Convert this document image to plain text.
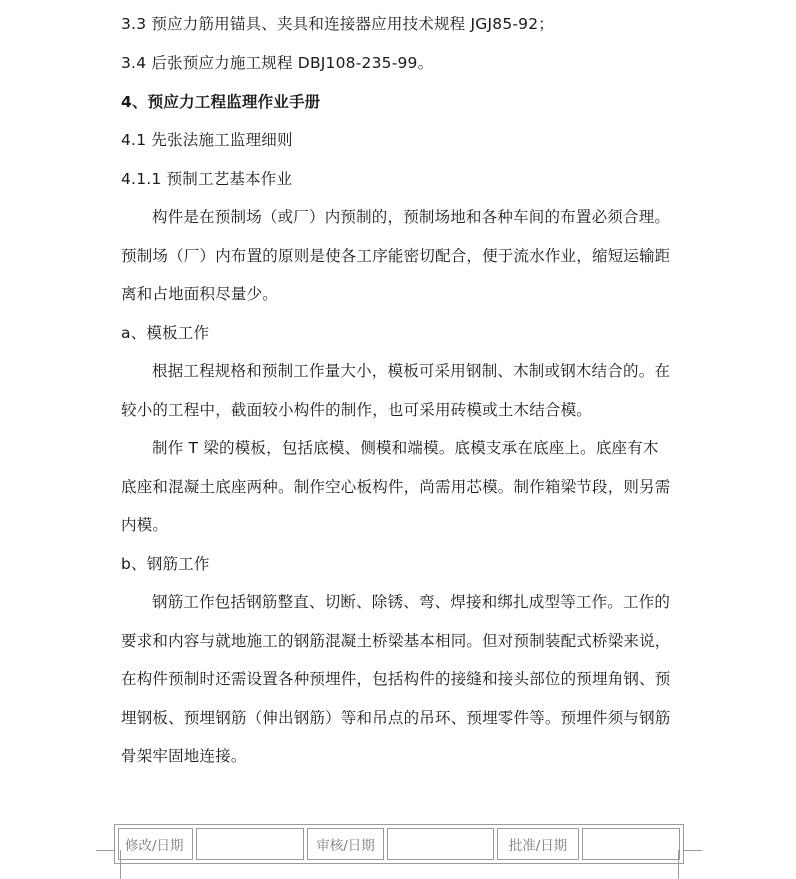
3.3 预应力筋用锚具、夹具和连接器应用技术规程 JGJ85-92；
3.4 后张预应力施工规程 DBJ108-235-99。
4、预应力工程监理作业手册
4.1 先张法施工监理细则
4.1.1 预制工艺基本作业
构件是在预制场（或厂）内预制的，预制场地和各种车间的布置必须合理。
预制场（厂）内布置的原则是使各工序能密切配合，便于流水作业，缩短运输距
离和占地面积尽量少。
a、模板工作
根据工程规格和预制工作量大小，模板可采用钢制、木制或钢木结合的。在
较小的工程中，截面较小构件的制作，也可采用砖模或土木结合模。
制作 T 梁的模板，包括底模、侧模和端模。底模支承在底座上。底座有木
底座和混凝土底座两种。制作空心板构件，尚需用芯模。制作箱梁节段，则另需
内模。
b、钢筋工作
钢筋工作包括钢筋整直、切断、除锈、弯、焊接和绑扎成型等工作。工作的
要求和内容与就地施工的钢筋混凝土桥梁基本相同。但对预制装配式桥梁来说，
在构件预制时还需设置各种预埋件，包括构件的接缝和接头部位的预埋角钢、预
埋钢板、预埋钢筋（伸出钢筋）等和吊点的吊环、预埋零件等。预埋件须与钢筋
骨架牢固地连接。
修改/日期	审核/日期	批准/日期
